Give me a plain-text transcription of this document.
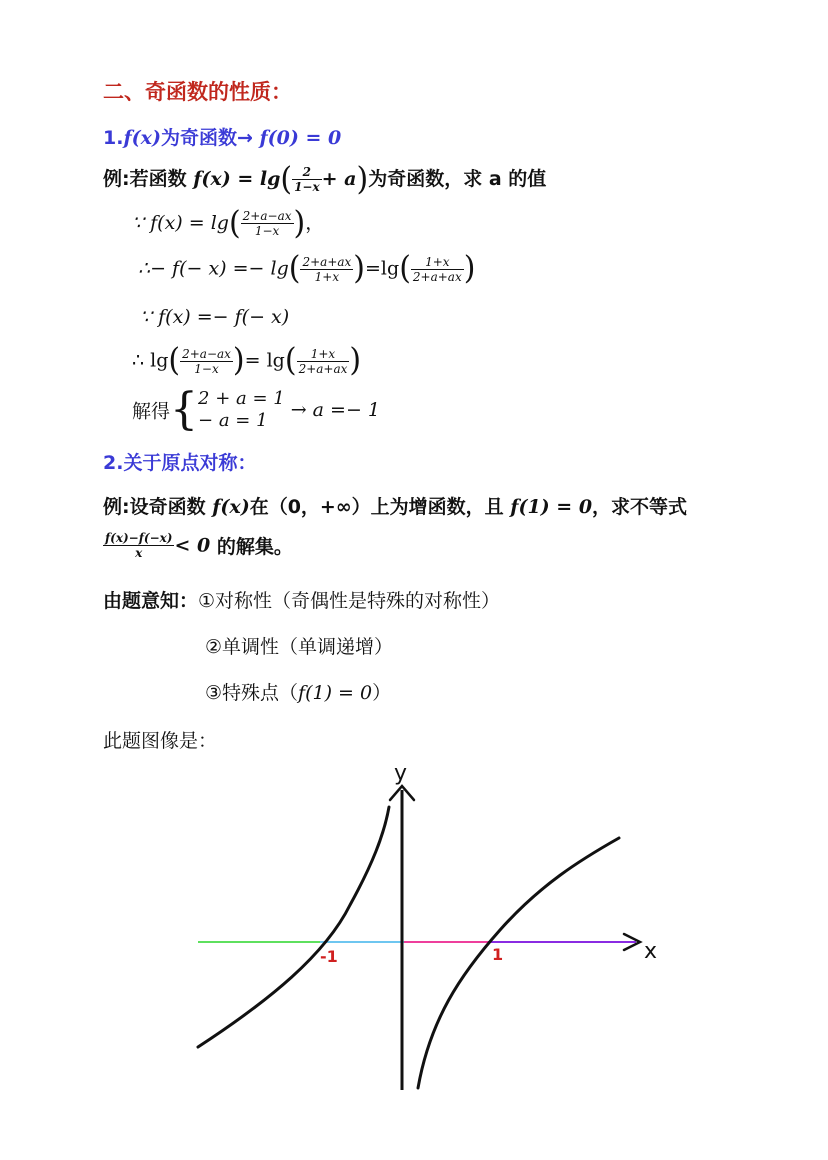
二、奇函数的性质：
1.f(x)为奇函数→ f(0) = 0
例:若函数 $f(x) = \lg( \frac{2}{1-x} + a)$为奇函数，求 a 的值
∵ $f(x) = \lg( \frac{2+a-ax}{1-x}$ )，
∴− $f(- x) =- \lg( \frac{2+a+ax}{1+x} )=\lg( \frac{1+x}{2+a+ax}$ )
∵ f(x) =− f(− x)
∴ $\lg( \frac{2+a-ax}{1-x}$ )= $\lg( \frac{1+x}{2+a+ax}$ )
解得{ 2 + a = 1
− a = 1	→ a =− 1
2.关于原点对称：
例:设奇函数 f(x)在（0，+∞）上为增函数，且 f(1) = 0，求不等式
$\frac{f(x)-f(-x)}{x} < 0$ 的解集。
由题意知：①对称性（奇偶性是特殊的对称性）
②单调性（单调递增）
③特殊点（f(1) = 0）
此题图像是：
y
x
-1	1
